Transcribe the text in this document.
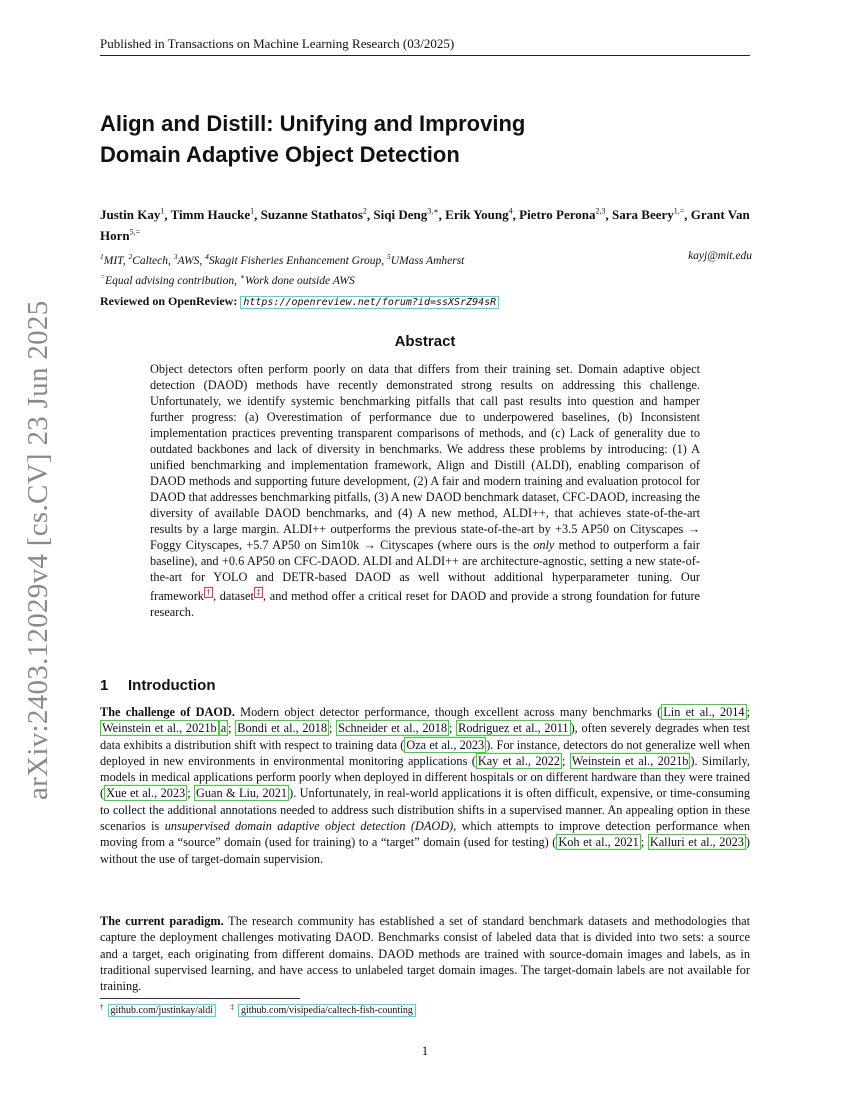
Published in Transactions on Machine Learning Research (03/2025)
arXiv:2403.12029v4 [cs.CV] 23 Jun 2025
Align and Distill: Unifying and Improving
Domain Adaptive Object Detection
Justin Kay$^1$, Timm Haucke$^1$, Suzanne Stathatos$^2$, Siqi Deng$^{3,∗}$, Erik Young$^4$, Pietro Perona$^{2,3}$, Sara Beery$^{1,=}$, Grant Van Horn$^{5,=}$
$^1$MIT, $^2$Caltech, $^3$AWS, $^4$Skagit Fisheries Enhancement Group, $^5$UMass Amherst	kayj@mit.edu
=Equal advising contribution, ∗Work done outside AWS
Reviewed on OpenReview: https://openreview.net/forum?id=ssXSrZ94sR
Abstract

Object detectors often perform poorly on data that differs from their training set. Domain adaptive object detection (DAOD) methods have recently demonstrated strong results on addressing this challenge. Unfortunately, we identify systemic benchmarking pitfalls that call past results into question and hamper further progress: (a) Overestimation of performance due to underpowered baselines, (b) Inconsistent implementation practices preventing transparent comparisons of methods, and (c) Lack of generality due to outdated backbones and lack of diversity in benchmarks. We address these problems by introducing: (1) A unified benchmarking and implementation framework, Align and Distill (ALDI), enabling comparison of DAOD methods and supporting future development, (2) A fair and modern training and evaluation protocol for DAOD that addresses benchmarking pitfalls, (3) A new DAOD benchmark dataset, CFC-DAOD, increasing the diversity of available DAOD benchmarks, and (4) A new method, ALDI++, that achieves state-of-the-art results by a large margin. ALDI++ outperforms the previous state-of-the-art by +3.5 AP50 on Cityscapes → Foggy Cityscapes, +5.7 AP50 on Sim10k → Cityscapes (where ours is the only method to outperform a fair baseline), and +0.6 AP50 on CFC-DAOD. ALDI and ALDI++ are architecture-agnostic, setting a new state-of-the-art for YOLO and DETR-based DAOD as well without additional hyperparameter tuning. Our framework † , dataset ‡ , and method offer a critical reset for DAOD and provide a strong foundation for future research.

1 Introduction

The challenge of DAOD. Modern object detector performance, though excellent across many benchmarks ( Lin et al., 2014 ; Weinstein et al., 2021b a ; Bondi et al., 2018 ; Schneider et al., 2018 ; Rodriguez et al., 2011 ), often severely degrades when test data exhibits a distribution shift with respect to training data ( Oza et al., 2023 ). For instance, detectors do not generalize well when deployed in new environments in environmental monitoring applications ( Kay et al., 2022 ; Weinstein et al., 2021b ). Similarly, models in medical applications perform poorly when deployed in different hospitals or on different hardware than they were trained ( Xue et al., 2023 ; Guan & Liu, 2021 ). Unfortunately, in real-world applications it is often difficult, expensive, or time-consuming to collect the additional annotations needed to address such distribution shifts in a supervised manner. An appealing option in these scenarios is unsupervised domain adaptive object detection (DAOD), which attempts to improve detection performance when moving from a “source” domain (used for training) to a “target” domain (used for testing) ( Koh et al., 2021 ; Kalluri et al., 2023 ) without the use of target-domain supervision.

The current paradigm. The research community has established a set of standard benchmark datasets and methodologies that capture the deployment challenges motivating DAOD. Benchmarks consist of labeled data that is divided into two sets: a source and a target, each originating from different domains. DAOD methods are trained with source-domain images and labels, as in traditional supervised learning, and have access to unlabeled target domain images. The target-domain labels are not available for training.

† github.com/justinkay/aldi	‡ github.com/visipedia/caltech-fish-counting
1
